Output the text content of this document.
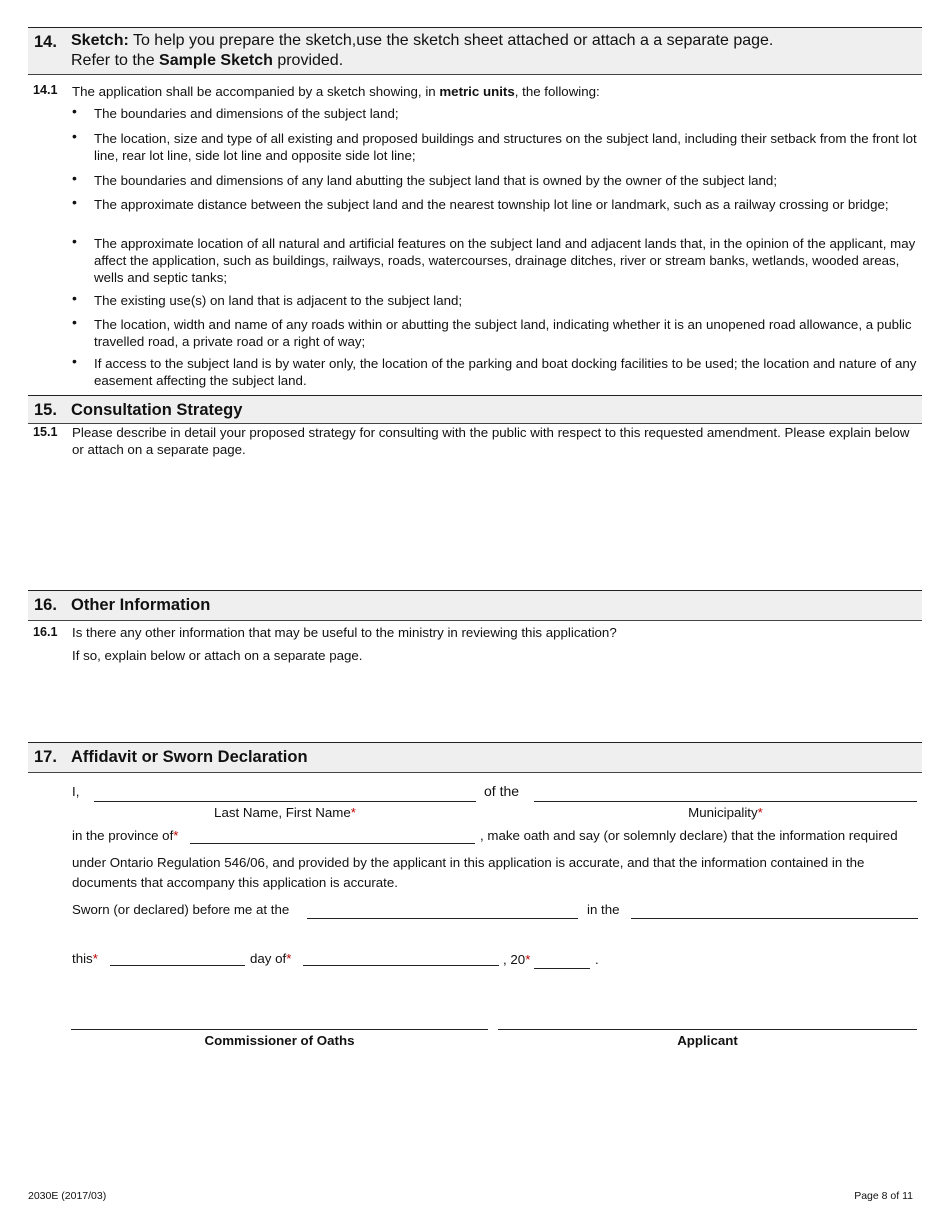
14. Sketch: To help you prepare the sketch,use the sketch sheet attached or attach a a separate page.
Refer to the Sample Sketch provided.
14.1 The application shall be accompanied by a sketch showing, in metric units, the following:
• The boundaries and dimensions of the subject land;
• The location, size and type of all existing and proposed buildings and structures on the subject land, including their setback from the front lot line, rear lot line, side lot line and opposite side lot line;
• The boundaries and dimensions of any land abutting the subject land that is owned by the owner of the subject land;
• The approximate distance between the subject land and the nearest township lot line or landmark, such as a railway crossing or bridge;
• The approximate location of all natural and artificial features on the subject land and adjacent lands that, in the opinion of the applicant, may affect the application, such as buildings, railways, roads, watercourses, drainage ditches, river or stream banks, wetlands, wooded areas, wells and septic tanks;
• The existing use(s) on land that is adjacent to the subject land;
• The location, width and name of any roads within or abutting the subject land, indicating whether it is an unopened road allowance, a public travelled road, a private road or a right of way;
• If access to the subject land is by water only, the location of the parking and boat docking facilities to be used; the location and nature of any easement affecting the subject land.
15. Consultation Strategy
15.1 Please describe in detail your proposed strategy for consulting with the public with respect to this requested amendment. Please explain below or attach on a separate page.
16. Other Information
16.1 Is there any other information that may be useful to the ministry in reviewing this application?
If so, explain below or attach on a separate page.
17. Affidavit or Sworn Declaration
I,	of the
Last Name, First Name*	Municipality*
in the province of*	, make oath and say (or solemnly declare) that the information required
under Ontario Regulation 546/06, and provided by the applicant in this application is accurate, and that the information contained in the documents that accompany this application is accurate.
Sworn (or declared) before me at the	in the
this*	day of*	, 20*	.
Commissioner of Oaths	Applicant
2030E (2017/03)	Page 8 of 11
